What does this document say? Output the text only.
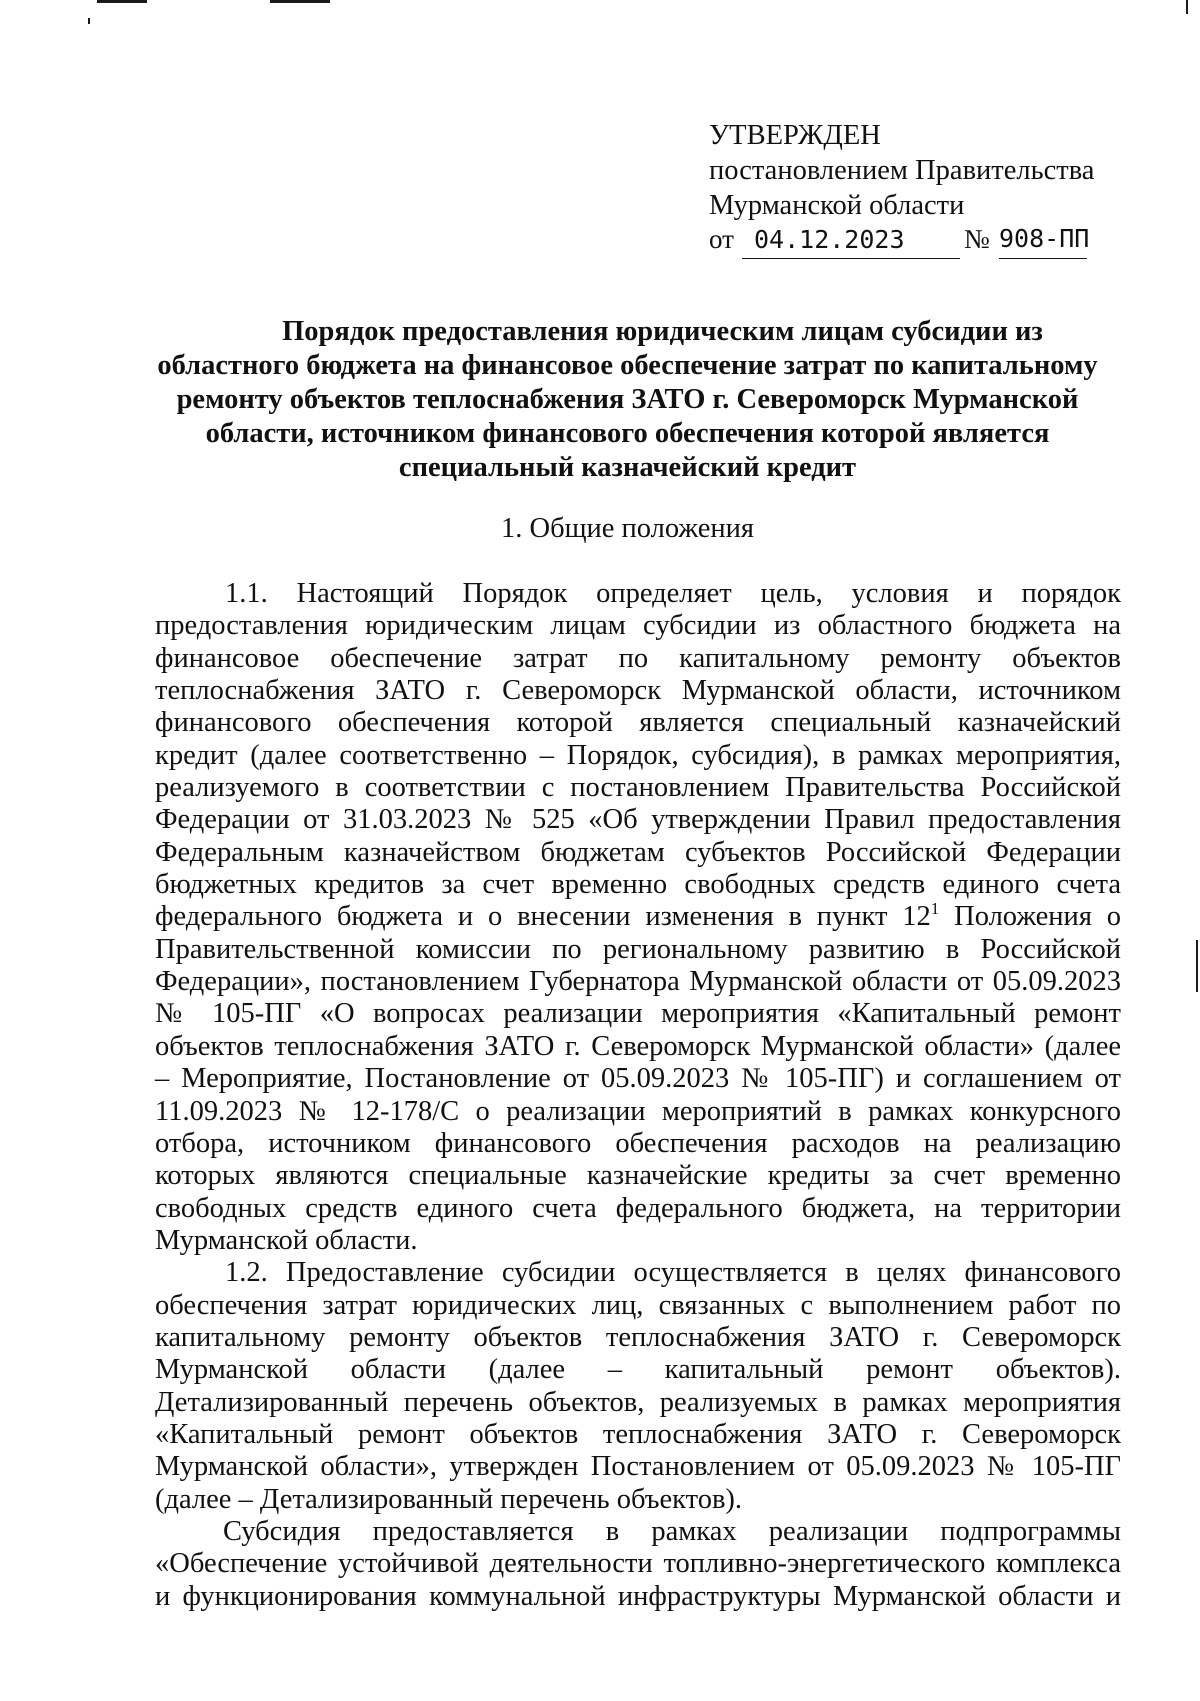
УТВЕРЖДЕН
постановлением Правительства
Мурманской области
от 04.12.2023	№ 908-ПП
Порядок предоставления юридическим лицам субсидии из
областного бюджета на финансовое обеспечение затрат по капитальному
ремонту объектов теплоснабжения ЗАТО г. Североморск Мурманской
области, источником финансового обеспечения которой является
специальный казначейский кредит
1. Общие положения
1.1. Настоящий Порядок определяет цель, условия и порядок
предоставления юридическим лицам субсидии из областного бюджета на
финансовое обеспечение затрат по капитальному ремонту объектов
теплоснабжения ЗАТО г. Североморск Мурманской области, источником
финансового обеспечения которой является специальный казначейский
кредит (далее соответственно – Порядок, субсидия), в рамках мероприятия,
реализуемого в соответствии с постановлением Правительства Российской
Федерации от 31.03.2023 № 525 «Об утверждении Правил предоставления
Федеральным казначейством бюджетам субъектов Российской Федерации
бюджетных кредитов за счет временно свободных средств единого счета
федерального бюджета и о внесении изменения в пункт $12^1$ Положения о
Правительственной комиссии по региональному развитию в Российской
Федерации», постановлением Губернатора Мурманской области от 05.09.2023
№ 105-ПГ «О вопросах реализации мероприятия «Капитальный ремонт
объектов теплоснабжения ЗАТО г. Североморск Мурманской области» (далее
– Мероприятие, Постановление от 05.09.2023 № 105-ПГ) и соглашением от
11.09.2023 № 12-178/С о реализации мероприятий в рамках конкурсного
отбора, источником финансового обеспечения расходов на реализацию
которых являются специальные казначейские кредиты за счет временно
свободных средств единого счета федерального бюджета, на территории
Мурманской области.
1.2. Предоставление субсидии осуществляется в целях финансового
обеспечения затрат юридических лиц, связанных с выполнением работ по
капитальному ремонту объектов теплоснабжения ЗАТО г. Североморск
Мурманской области (далее – капитальный ремонт объектов).
Детализированный перечень объектов, реализуемых в рамках мероприятия
«Капитальный ремонт объектов теплоснабжения ЗАТО г. Североморск
Мурманской области», утвержден Постановлением от 05.09.2023 № 105-ПГ
(далее – Детализированный перечень объектов).
Субсидия предоставляется в рамках реализации подпрограммы
«Обеспечение устойчивой деятельности топливно-энергетического комплекса
и функционирования коммунальной инфраструктуры Мурманской области и
